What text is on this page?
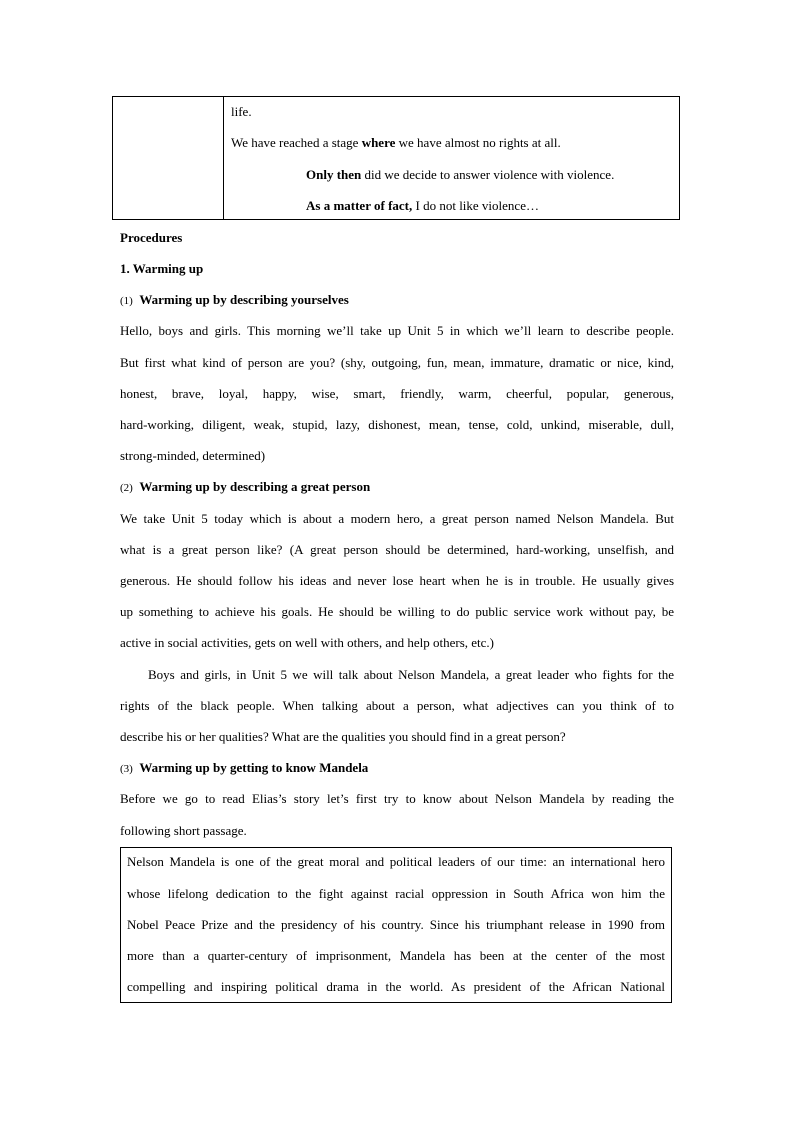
life.
We have reached a stage where we have almost no rights at all.
Only then did we decide to answer violence with violence.
As a matter of fact, I do not like violence…
Procedures
1. Warming up
(1) Warming up by describing yourselves
Hello, boys and girls. This morning we’ll take up Unit 5 in which we’ll learn to describe people.
But first what kind of person are you? (shy, outgoing, fun, mean, immature, dramatic or nice, kind,
honest, brave, loyal, happy, wise, smart, friendly, warm, cheerful, popular, generous,
hard-working, diligent, weak, stupid, lazy, dishonest, mean, tense, cold, unkind, miserable, dull,
strong-minded, determined)
(2) Warming up by describing a great person
We take Unit 5 today which is about a modern hero, a great person named Nelson Mandela. But
what is a great person like? (A great person should be determined, hard-working, unselfish, and
generous. He should follow his ideas and never lose heart when he is in trouble. He usually gives
up something to achieve his goals. He should be willing to do public service work without pay, be
active in social activities, gets on well with others, and help others, etc.)
Boys and girls, in Unit 5 we will talk about Nelson Mandela, a great leader who fights for the
rights of the black people. When talking about a person, what adjectives can you think of to
describe his or her qualities? What are the qualities you should find in a great person?
(3) Warming up by getting to know Mandela
Before we go to read Elias’s story let’s first try to know about Nelson Mandela by reading the
following short passage.
Nelson Mandela is one of the great moral and political leaders of our time: an international hero
whose lifelong dedication to the fight against racial oppression in South Africa won him the
Nobel Peace Prize and the presidency of his country. Since his triumphant release in 1990 from
more than a quarter-century of imprisonment, Mandela has been at the center of the most
compelling and inspiring political drama in the world. As president of the African National
